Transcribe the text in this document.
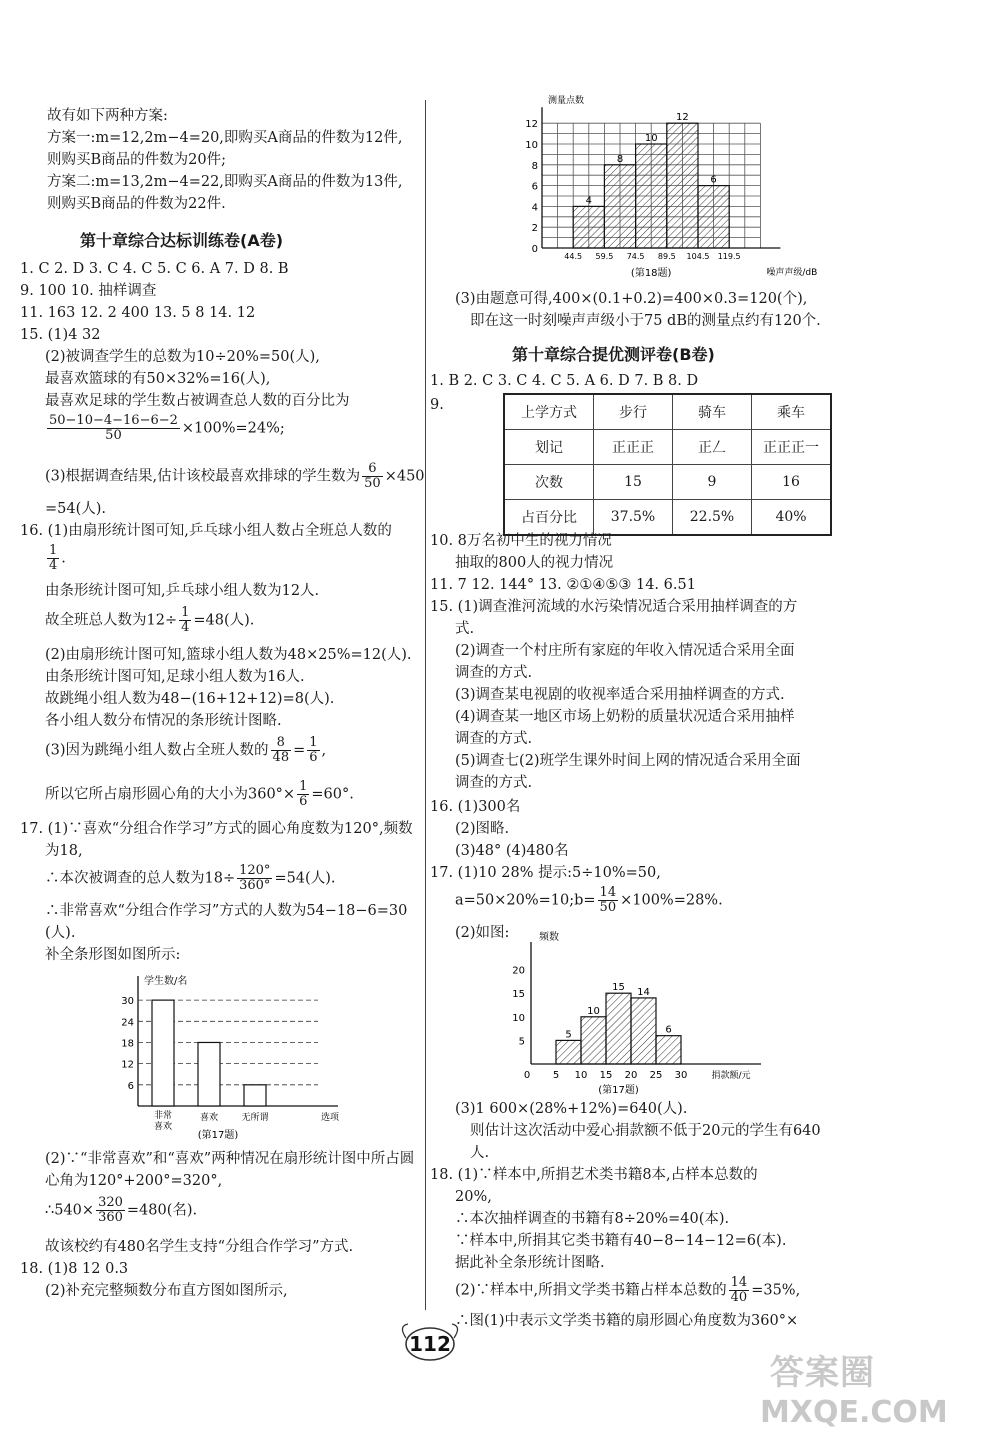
故有如下两种方案:
方案一:m=12,2m−4=20,即购买A商品的件数为12件,
则购买B商品的件数为20件;
方案二:m=13,2m−4=22,即购买A商品的件数为13件,
则购买B商品的件数为22件.
第十章综合达标训练卷(A卷)
1. C 2. D 3. C 4. C 5. C 6. A 7. D 8. B
9. 100 10. 抽样调查
11. 163 12. 2 400 13. 5 8 14. 12
15. (1)4 32
(2)被调查学生的总数为10÷20%=50(人),
最喜欢篮球的有50×32%=16(人),
最喜欢足球的学生数占被调查总人数的百分比为
$\frac{50-10-4-16-6-2}{50} \times 100\%=24\%$;
(3)根据调查结果,估计该校最喜欢排球的学生数为 $\frac{6}{50} \times 450$
=54(人).
16. (1)由扇形统计图可知,乒乓球小组人数占全班总人数的
$\frac{1}{4}$ .
由条形统计图可知,乒乓球小组人数为12人.
故全班总人数为$12\div \frac{1}{4} =48$(人).
(2)由扇形统计图可知,篮球小组人数为48×25%=12(人).
由条形统计图可知,足球小组人数为16人.
故跳绳小组人数为48−(16+12+12)=8(人).
各小组人数分布情况的条形统计图略.
(3)因为跳绳小组人数占全班人数的 $\frac{8}{48} = \frac{1}{6}$ ,
所以它所占扇形圆心角的大小为$360^\circ\times \frac{1}{6} =60^\circ$.
17. (1)∵喜欢“分组合作学习”方式的圆心角度数为120°,频数
为18,
∴本次被调查的总人数为$18\div \frac{120^\circ}{360^\circ} =54$(人).
∴非常喜欢“分组合作学习”方式的人数为54−18−6=30
(人).
补全条形图如图所示:
学生数/名
6
12
18
24
30
非常
喜欢
喜欢	无所谓	选项
(第17题)
(2)∵“非常喜欢”和“喜欢”两种情况在扇形统计图中所占圆
心角为120°+200°=320°,
∴540× $\frac{320}{360} =480$(名).
故该校约有480名学生支持“分组合作学习”方式.
18. (1)8 12 0.3
(2)补充完整频数分布直方图如图所示,
测量点数
噪声声级/dB
0
2
4
6
8
10
12
44.5 59.5 74.5 89.5 104.5 119.5
4
8
10
12
6
(第18题)
(3)由题意可得,400×(0.1+0.2)=400×0.3=120(个),
即在这一时刻噪声声级小于75 dB的测量点约有120个.
第十章综合提优测评卷(B卷)
1. B 2. C 3. C 4. C 5. A 6. D 7. B 8. D
9.	上学方式	步行	骑车	乘车
划记	正正正	正𠃋	正正正一
次数	15	9	16
占百分比	37.5%	22.5%	40%
10. 8万名初中生的视力情况
抽取的800人的视力情况
11. 7 12. 144° 13. ②①④⑤③ 14. 6.51
15. (1)调查淮河流域的水污染情况适合采用抽样调查的方
式.
(2)调查一个村庄所有家庭的年收入情况适合采用全面
调查的方式.
(3)调查某电视剧的收视率适合采用抽样调查的方式.
(4)调查某一地区市场上奶粉的质量状况适合采用抽样
调查的方式.
(5)调查七(2)班学生课外时间上网的情况适合采用全面
调查的方式.
16. (1)300名
(2)图略.
(3)48° (4)480名
17. (1)10 28% 提示:5÷10%=50,
a=50×20%=10;b= $\frac{14}{50} \times 100\%=28\%$.
(2)如图:	频数
5
10
15
20
0 5 10 15 20 25 30
5
10
15 14
6
捐款额/元
(第17题)
(3)1 600×(28%+12%)=640(人).
则估计这次活动中爱心捐款额不低于20元的学生有640
人.
18. (1)∵样本中,所捐艺术类书籍8本,占样本总数的
20%,
∴本次抽样调查的书籍有8÷20%=40(本).
∵样本中,所捐其它类书籍有40−8−14−12=6(本).
据此补全条形统计图略.
(2)∵样本中,所捐文学类书籍占样本总数的 $\frac{14}{40} =35\%$,
∴图(1)中表示文学类书籍的扇形圆心角度数为360°×
112
答案圈
MXQE.COM
